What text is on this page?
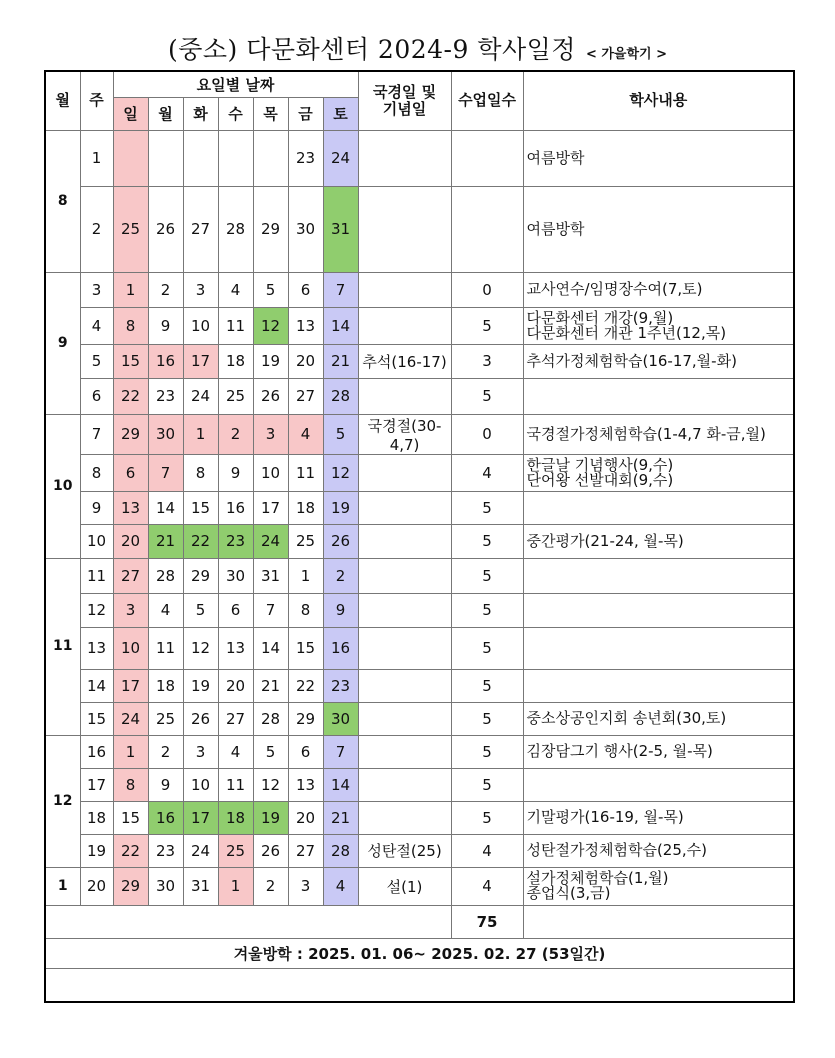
(중소) 다문화센터 2024-9 학사일정 < 가을학기 >
월	주	요일별 날짜							국경일 및
기념일	수업일수	학사내용
		일	월	화	수	목	금	토			
8	1						23	24			여름방학

	2	25	26	27	28	29	30	31			여름방학

9	3	1	2	3	4	5	6	7		0	교사연수/임명장수여(7,토)

	4	8	9	10	11	12	13	14		5	다문화센터 개강(9,월)
다문화센터 개관 1주년(12,목)

	5	15	16	17	18	19	20	21	추석(16-17)	3	추석가정체험학습(16-17,월-화)

	6	22	23	24	25	26	27	28		5	

10	7	29	30	1	2	3	4	5	국경절(30-4,7)	0	국경절가정체험학습(1-4,7 화-금,월)

	8	6	7	8	9	10	11	12		4	한글날 기념행사(9,수)
단어왕 선발대회(9,수)

	9	13	14	15	16	17	18	19		5	

	10	20	21	22	23	24	25	26		5	중간평가(21-24, 월-목)

11	11	27	28	29	30	31	1	2		5	

	12	3	4	5	6	7	8	9		5	

	13	10	11	12	13	14	15	16		5	

	14	17	18	19	20	21	22	23		5	

	15	24	25	26	27	28	29	30		5	중소상공인지회 송년회(30,토)

12	16	1	2	3	4	5	6	7		5	김장담그기 행사(2-5, 월-목)

	17	8	9	10	11	12	13	14		5	

	18	15	16	17	18	19	20	21		5	기말평가(16-19, 월-목)

	19	22	23	24	25	26	27	28	성탄절(25)	4	성탄절가정체험학습(25,수)

1	20	29	30	31	1	2	3	4	설(1)	4	설가정체험학습(1,월)
종업식(3,금)

										75	
겨울방학 : 2025. 01. 06~ 2025. 02. 27 (53일간)											
